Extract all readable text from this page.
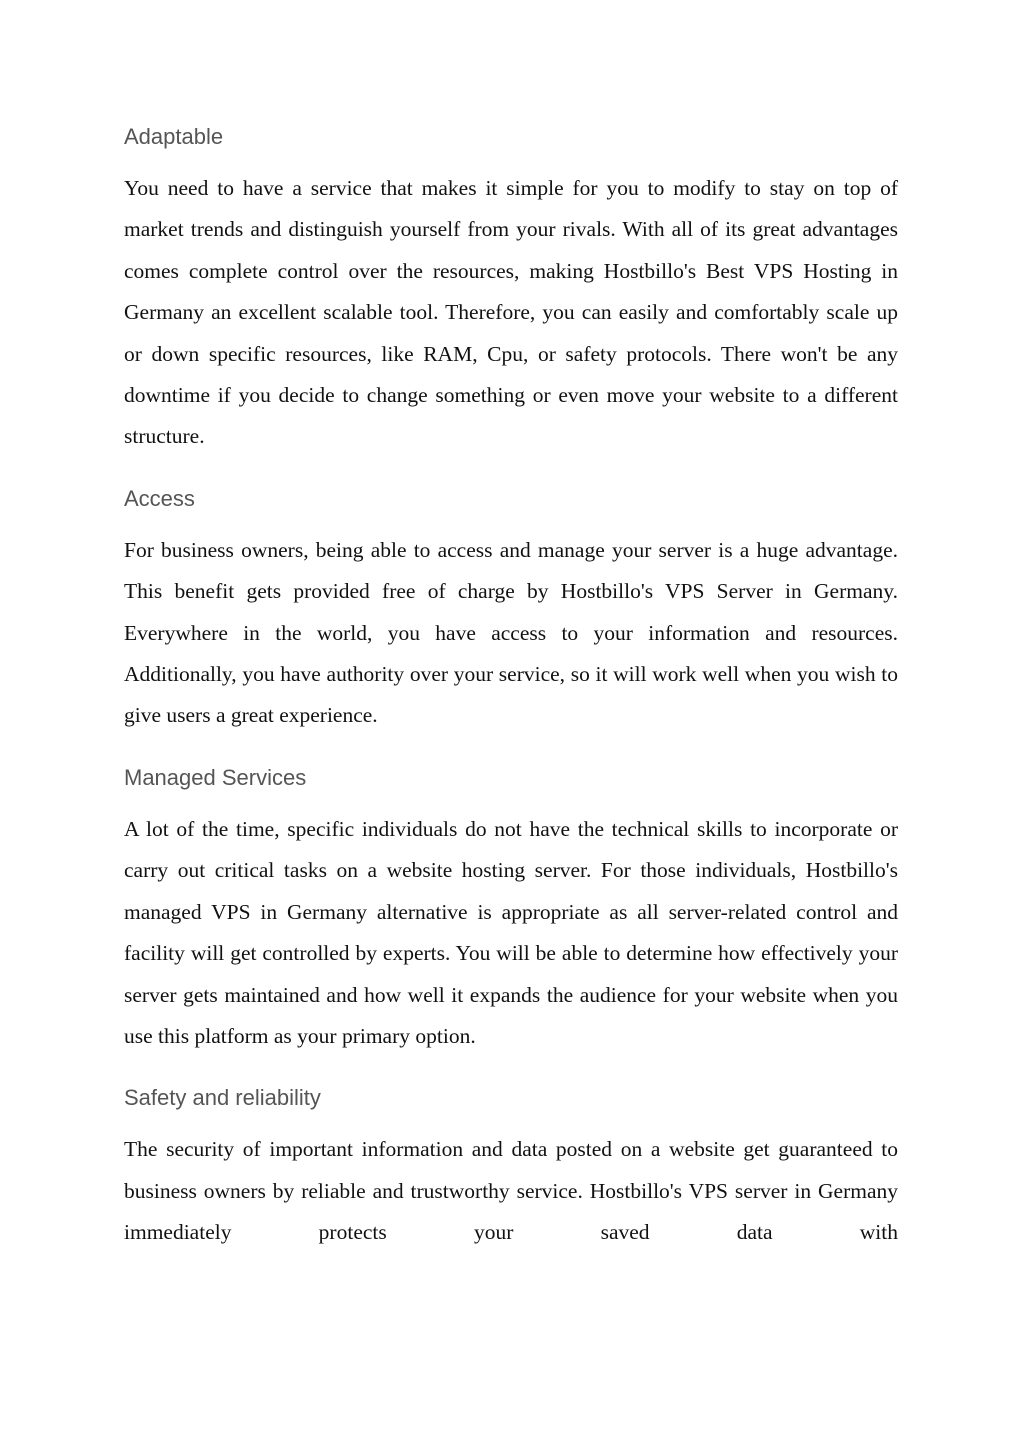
Adaptable

You need to have a service that makes it simple for you to modify to stay on top of market trends and distinguish yourself from your rivals. With all of its great advantages comes complete control over the resources, making Hostbillo's Best VPS Hosting in Germany an excellent scalable tool. Therefore, you can easily and comfortably scale up or down specific resources, like RAM, Cpu, or safety protocols. There won't be any downtime if you decide to change something or even move your website to a different structure.

Access

For business owners, being able to access and manage your server is a huge advantage. This benefit gets provided free of charge by Hostbillo's VPS Server in Germany. Everywhere in the world, you have access to your information and resources. Additionally, you have authority over your service, so it will work well when you wish to give users a great experience.

Managed Services

A lot of the time, specific individuals do not have the technical skills to incorporate or carry out critical tasks on a website hosting server. For those individuals, Hostbillo's managed VPS in Germany alternative is appropriate as all server-related control and facility will get controlled by experts. You will be able to determine how effectively your server gets maintained and how well it expands the audience for your website when you use this platform as your primary option.

Safety and reliability

The security of important information and data posted on a website get guaranteed to business owners by reliable and trustworthy service. Hostbillo's VPS server in Germany immediately protects your saved data with
